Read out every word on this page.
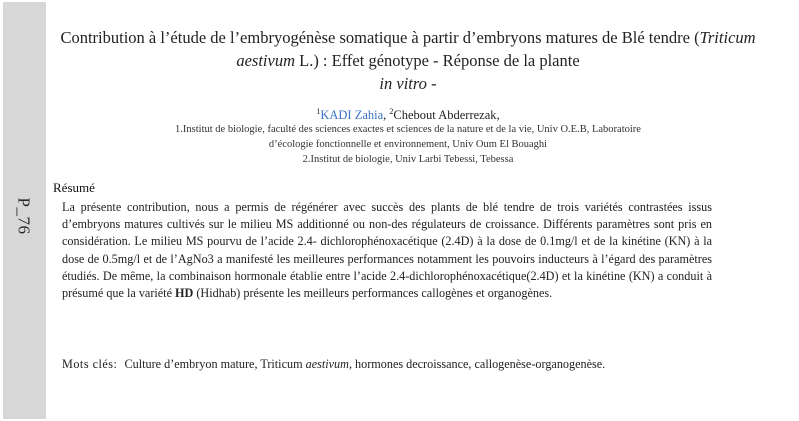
P_76
Contribution à l’étude de l’embryogénèse somatique à partir d’embryons matures de Blé tendre (Triticum aestivum L.) : Effet génotype - Réponse de la plante
in vitro -
$^1$KADI Zahia, $^2$Chebout Abderrezak,
1.Institut de biologie, faculté des sciences exactes et sciences de la nature et de la vie, Univ O.E.B, Laboratoire
d’écologie fonctionnelle et environnement, Univ Oum El Bouaghi
2.Institut de biologie, Univ Larbi Tebessi, Tebessa
Résumé
La présente contribution, nous a permis de régénérer avec succès des plants de blé tendre de trois variétés contrastées issus d’embryons matures cultivés sur le milieu MS additionné ou non-des régulateurs de croissance. Différents paramètres sont pris en considération. Le milieu MS pourvu de l’acide 2.4- dichlorophénoxacétique (2.4D) à la dose de 0.1mg/l et de la kinétine (KN) à la dose de 0.5mg/l et de l’AgNo3 a manifesté les meilleures performances notamment les pouvoirs inducteurs à l’égard des paramètres étudiés. De même, la combinaison hormonale établie entre l’acide 2.4-dichlorophénoxacétique(2.4D) et la kinétine (KN) a conduit à présumé que la variété HD (Hidhab) présente les meilleurs performances callogènes et organogènes.
Mots clés: Culture d’embryon mature, Triticum aestivum, hormones decroissance, callogenèse-organogenèse.
